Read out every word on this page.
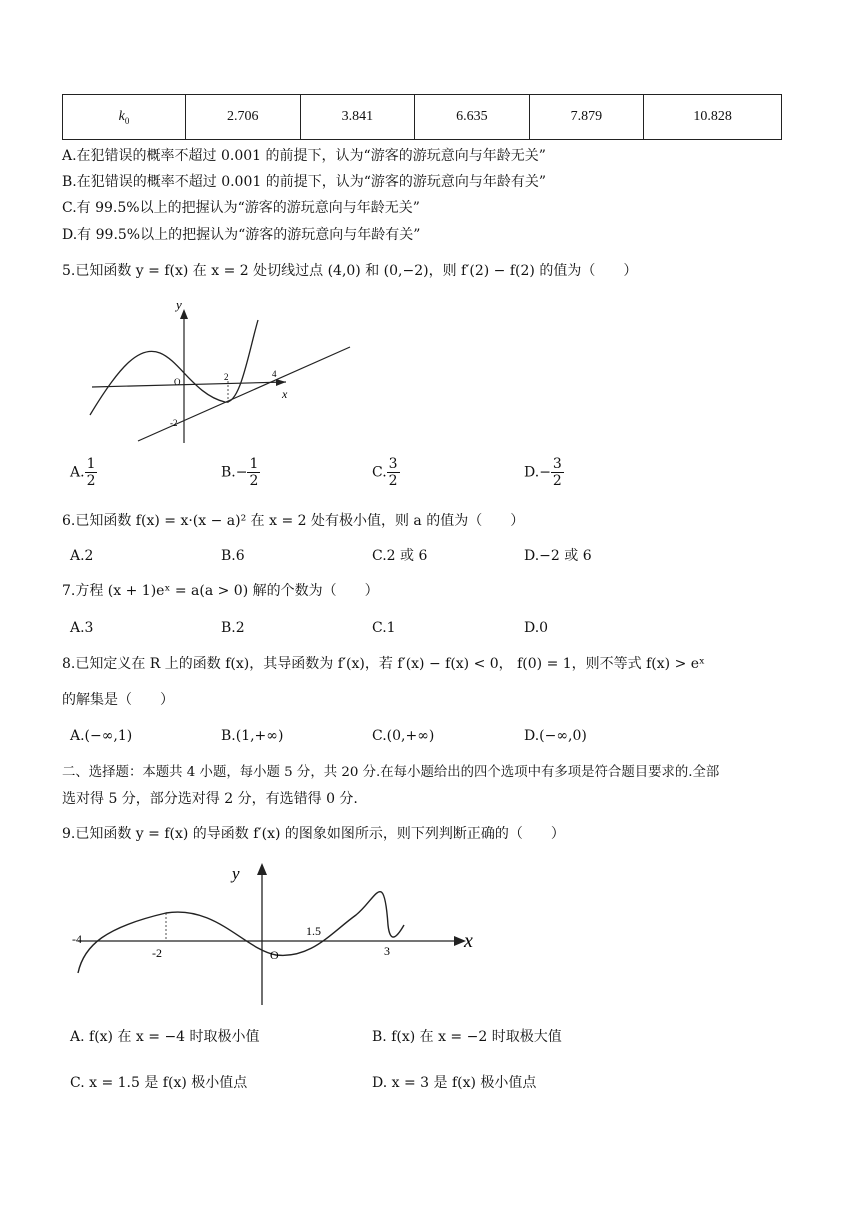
$k_0$	2.706	3.841	6.635	7.879	10.828
A.在犯错误的概率不超过 0.001 的前提下，认为“游客的游玩意向与年龄无关”
B.在犯错误的概率不超过 0.001 的前提下，认为“游客的游玩意向与年龄有关”
C.有 99.5%以上的把握认为“游客的游玩意向与年龄无关”
D.有 99.5%以上的把握认为“游客的游玩意向与年龄有关”
5.已知函数 y = f(x) 在 x = 2 处切线过点 (4,0) 和 (0,−2)，则 f′(2) − f(2) 的值为（　　）
y
x
O	2	4
-2
A. $\frac{1}{2}$	$B.- \frac{1}{2}$	C. $\frac{3}{2}$	$D.- \frac{3}{2}$
6.已知函数 f(x) = x·(x − a)² 在 x = 2 处有极小值，则 a 的值为（　　）
A.2	B.6	C.2 或 6	D.−2 或 6
7.方程 (x + 1)eˣ = a(a > 0) 解的个数为（　　）
A.3	B.2	C.1	D.0
8.已知定义在 R 上的函数 f(x)，其导函数为 f′(x)，若 f′(x) − f(x) < 0， f(0) = 1，则不等式 f(x) > eˣ
的解集是（　　）
A.(−∞,1)	B.(1,+∞)	C.(0,+∞)	D.(−∞,0)
二、选择题：本题共 4 小题，每小题 5 分，共 20 分.在每小题给出的四个选项中有多项是符合题目要求的.全部
选对得 5 分，部分选对得 2 分，有选错得 0 分.
9.已知函数 y = f(x) 的导函数 f′(x) 的图象如图所示，则下列判断正确的（　　）
y
x
-4
-2	O
1.5
3
A. f(x) 在 x = −4 时取极小值	B. f(x) 在 x = −2 时取极大值
C. x = 1.5 是 f(x) 极小值点	D. x = 3 是 f(x) 极小值点
